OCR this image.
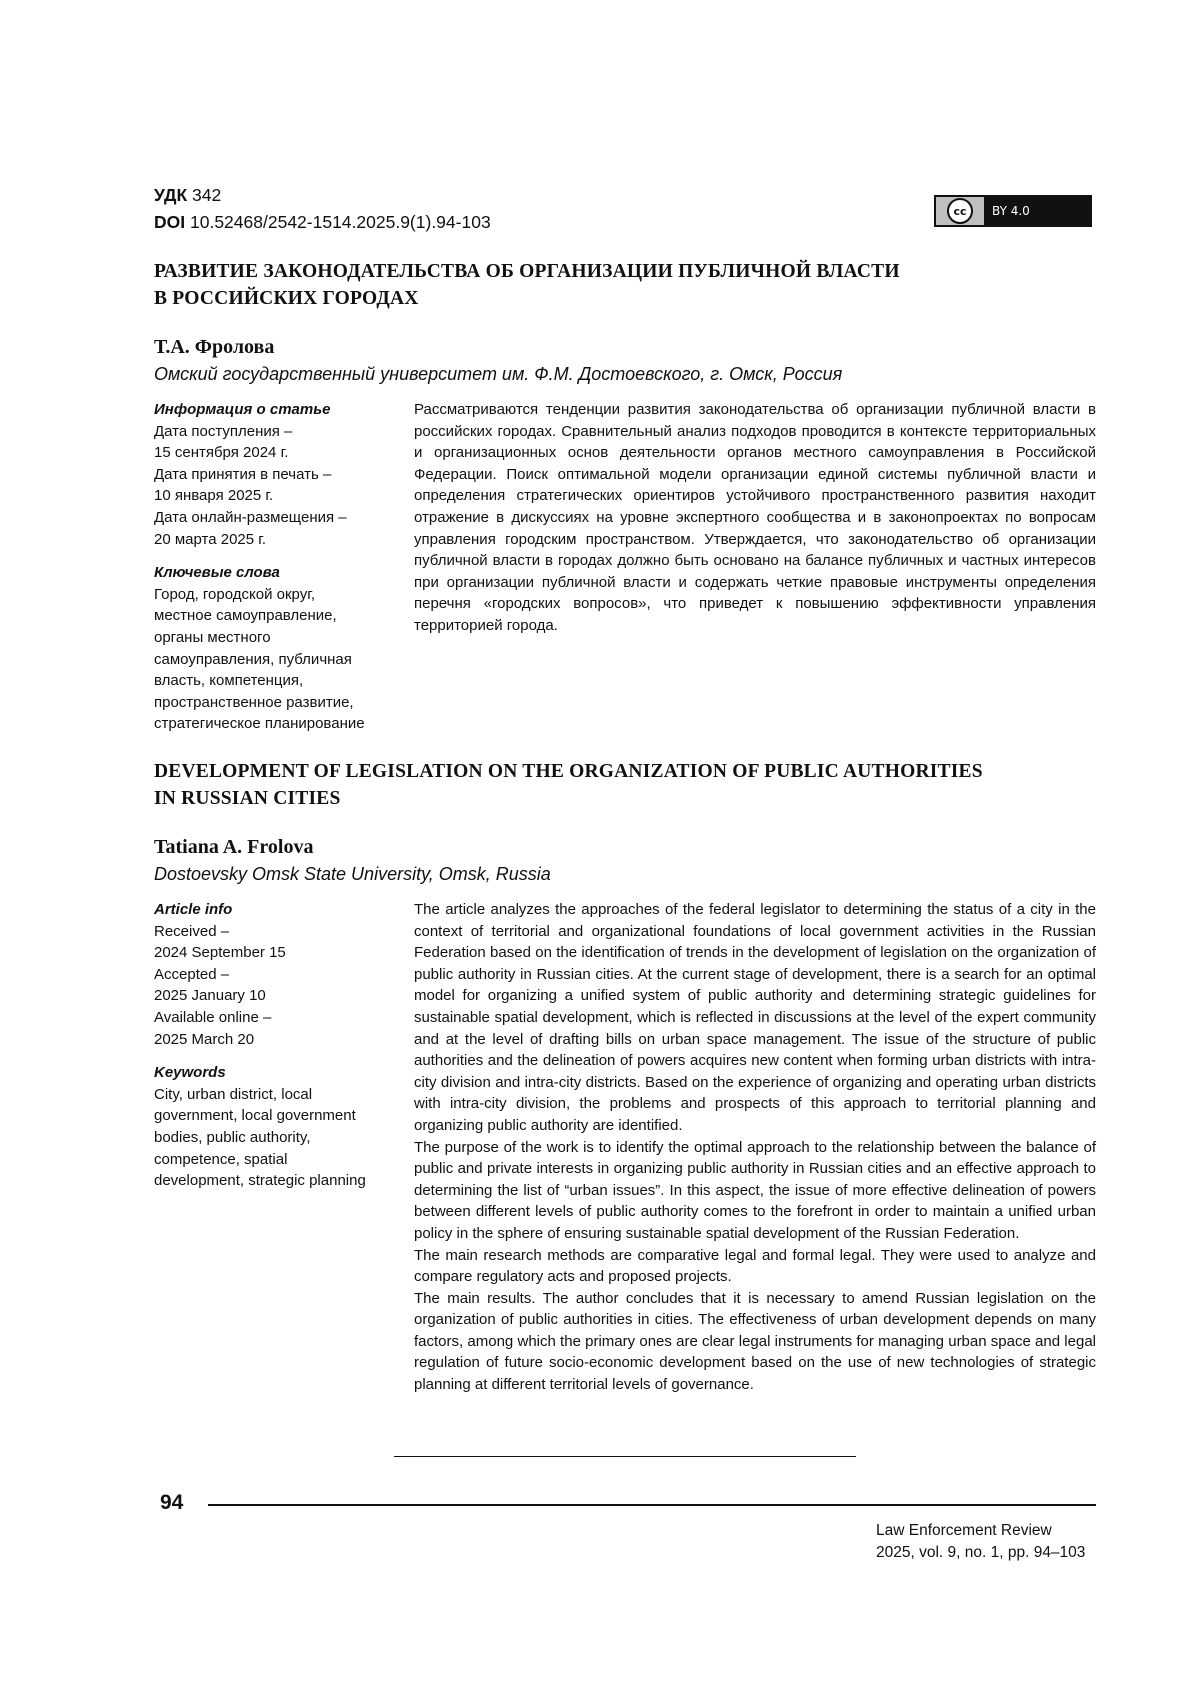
УДК 342
DOI 10.52468/2542-1514.2025.9(1).94-103
cc	BY 4.0
РАЗВИТИЕ ЗАКОНОДАТЕЛЬСТВА ОБ ОРГАНИЗАЦИИ ПУБЛИЧНОЙ ВЛАСТИ
В РОССИЙСКИХ ГОРОДАХ
Т.А. Фролова
Омский государственный университет им. Ф.М. Достоевского, г. Омск, Россия
Информация о статье
Дата поступления –
15 сентября 2024 г.
Дата принятия в печать –
10 января 2025 г.
Дата онлайн-размещения –
20 марта 2025 г.
Ключевые слова
Город, городской округ,
местное самоуправление,
органы местного
самоуправления, публичная
власть, компетенция,
пространственное развитие,
стратегическое планирование

Рассматриваются тенденции развития законодательства об организации публичной власти в российских городах. Сравнительный анализ подходов проводится в контексте территориальных и организационных основ деятельности органов местного самоуправления в Российской Федерации. Поиск оптимальной модели организации единой системы публичной власти и определения стратегических ориентиров устойчивого пространственного развития находит отражение в дискуссиях на уровне экспертного сообщества и в законопроектах по вопросам управления городским пространством. Утверждается, что законодательство об организации публичной власти в городах должно быть основано на балансе публичных и частных интересов при организации публичной власти и содержать четкие правовые инструменты определения перечня «городских вопросов», что приведет к повышению эффективности управления территорией города.

DEVELOPMENT OF LEGISLATION ON THE ORGANIZATION OF PUBLIC AUTHORITIES
IN RUSSIAN CITIES
Tatiana A. Frolova
Dostoevsky Omsk State University, Omsk, Russia
Article info
Received –
2024 September 15
Accepted –
2025 January 10
Available online –
2025 March 20
Keywords
City, urban district, local
government, local government
bodies, public authority,
competence, spatial
development, strategic planning

The article analyzes the approaches of the federal legislator to determining the status of a city in the context of territorial and organizational foundations of local government activities in the Russian Federation based on the identification of trends in the development of legislation on the organization of public authority in Russian cities. At the current stage of development, there is a search for an optimal model for organizing a unified system of public authority and determining strategic guidelines for sustainable spatial development, which is reflected in discussions at the level of the expert community and at the level of drafting bills on urban space management. The issue of the structure of public authorities and the delineation of powers acquires new content when forming urban districts with intra-city division and intra-city districts. Based on the experience of organizing and operating urban districts with intra-city division, the problems and prospects of this approach to territorial planning and organizing public authority are identified.

The purpose of the work is to identify the optimal approach to the relationship between the balance of public and private interests in organizing public authority in Russian cities and an effective approach to determining the list of “urban issues”. In this aspect, the issue of more effective delineation of powers between different levels of public authority comes to the forefront in order to maintain a unified urban policy in the sphere of ensuring sustainable spatial development of the Russian Federation.

The main research methods are comparative legal and formal legal. They were used to analyze and compare regulatory acts and proposed projects.

The main results. The author concludes that it is necessary to amend Russian legislation on the organization of public authorities in cities. The effectiveness of urban development depends on many factors, among which the primary ones are clear legal instruments for managing urban space and legal regulation of future socio-economic development based on the use of new technologies of strategic planning at different territorial levels of governance.

94
Law Enforcement Review
2025, vol. 9, no. 1, pp. 94–103
